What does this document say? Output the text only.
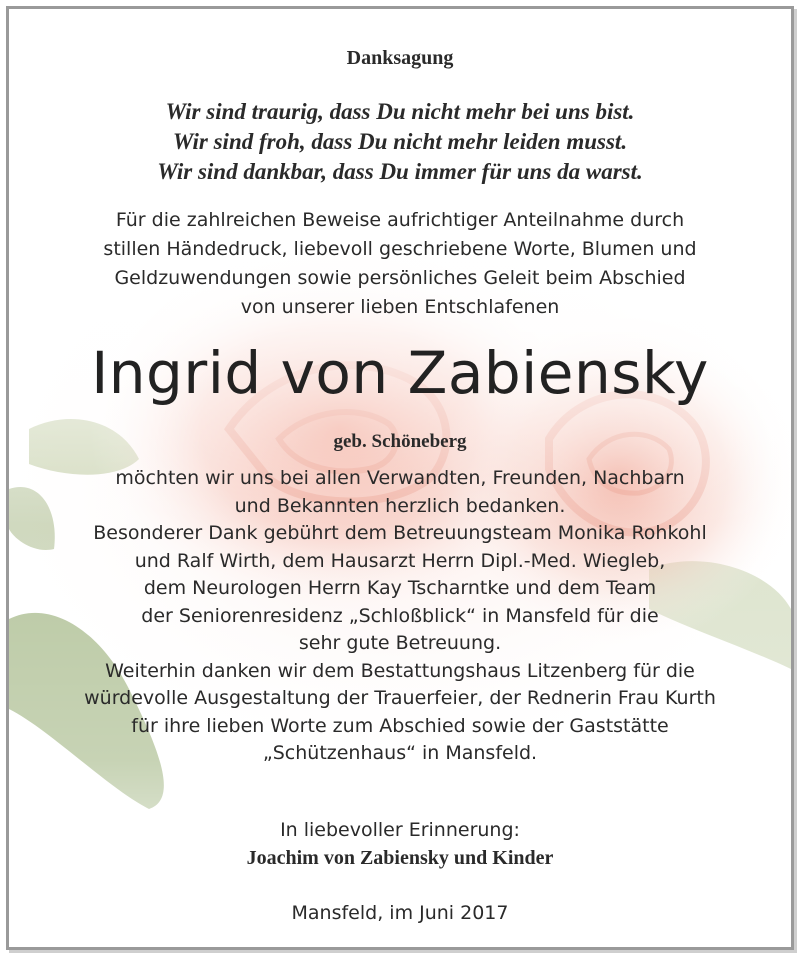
Danksagung
Wir sind traurig, dass Du nicht mehr bei uns bist.
Wir sind froh, dass Du nicht mehr leiden musst.
Wir sind dankbar, dass Du immer für uns da warst.
Für die zahlreichen Beweise aufrichtiger Anteilnahme durch
stillen Händedruck, liebevoll geschriebene Worte, Blumen und
Geldzuwendungen sowie persönliches Geleit beim Abschied
von unserer lieben Entschlafenen
Ingrid von Zabiensky
geb. Schöneberg
möchten wir uns bei allen Verwandten, Freunden, Nachbarn
und Bekannten herzlich bedanken.
Besonderer Dank gebührt dem Betreuungsteam Monika Rohkohl
und Ralf Wirth, dem Hausarzt Herrn Dipl.-Med. Wiegleb,
dem Neurologen Herrn Kay Tscharntke und dem Team
der Seniorenresidenz „Schloßblick“ in Mansfeld für die
sehr gute Betreuung.
Weiterhin danken wir dem Bestattungshaus Litzenberg für die
würdevolle Ausgestaltung der Trauerfeier, der Rednerin Frau Kurth
für ihre lieben Worte zum Abschied sowie der Gaststätte
„Schützenhaus“ in Mansfeld.
In liebevoller Erinnerung:
Joachim von Zabiensky und Kinder
Mansfeld, im Juni 2017
